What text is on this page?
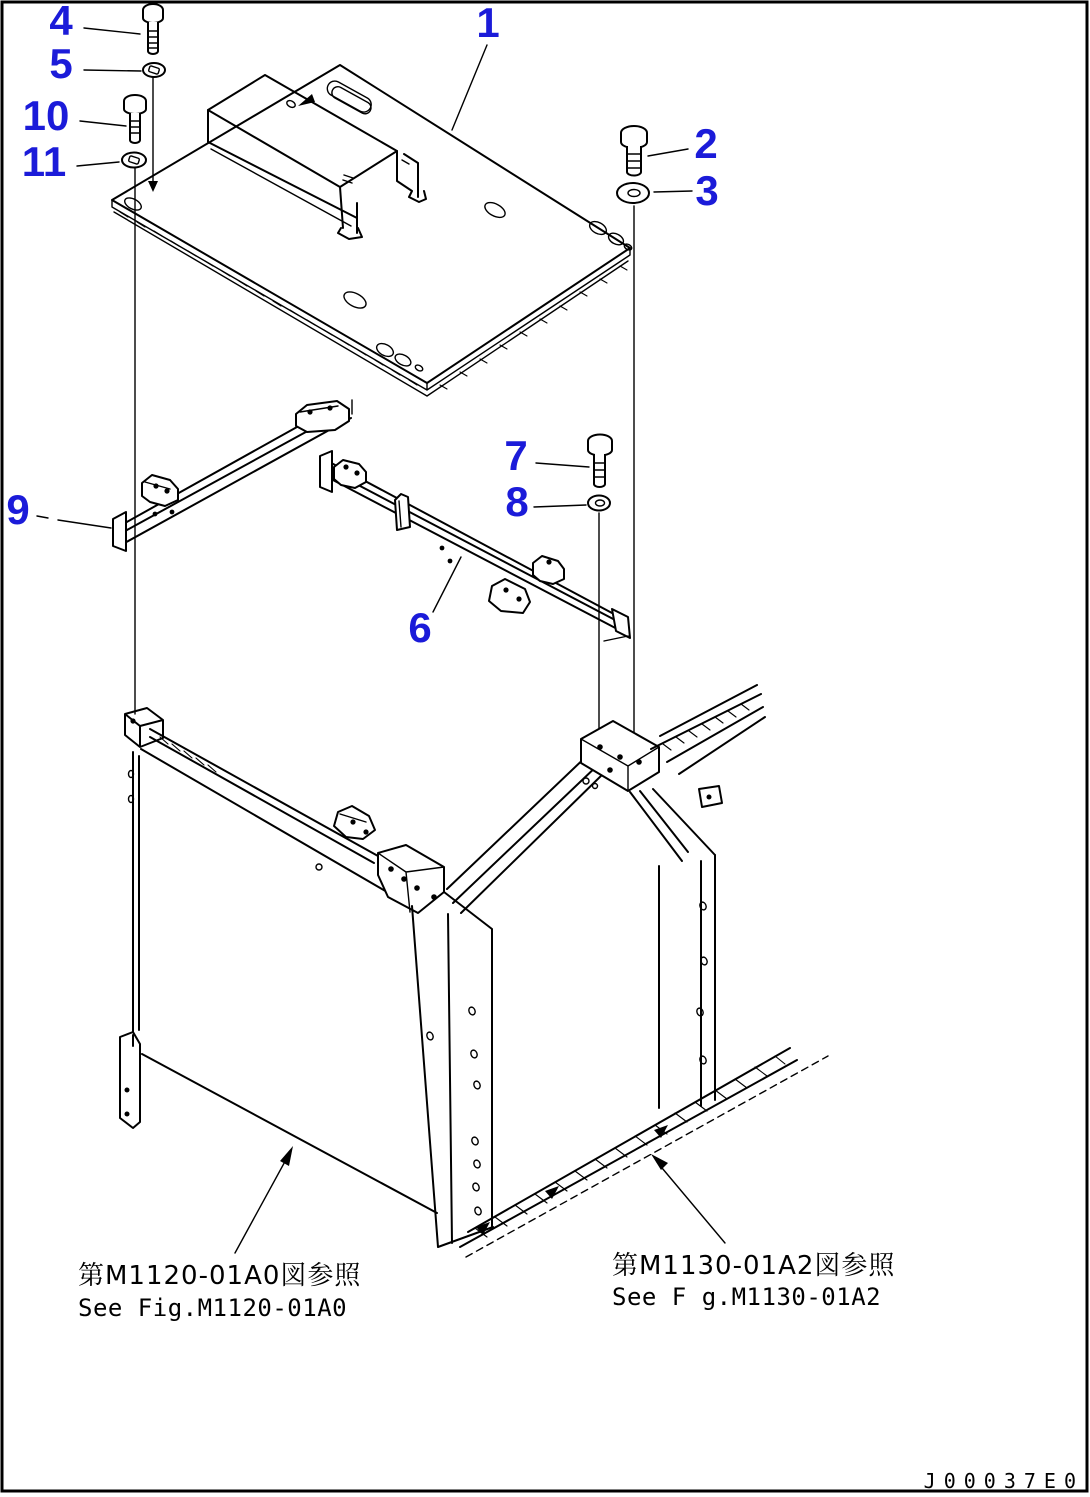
1
2
3
4
5
6
7
8
9
10
11
第M1120-01A0図参照
See Fig.M1120-01A0
第M1130-01A2図参照
See F g.M1130-01A2
J00037E0
